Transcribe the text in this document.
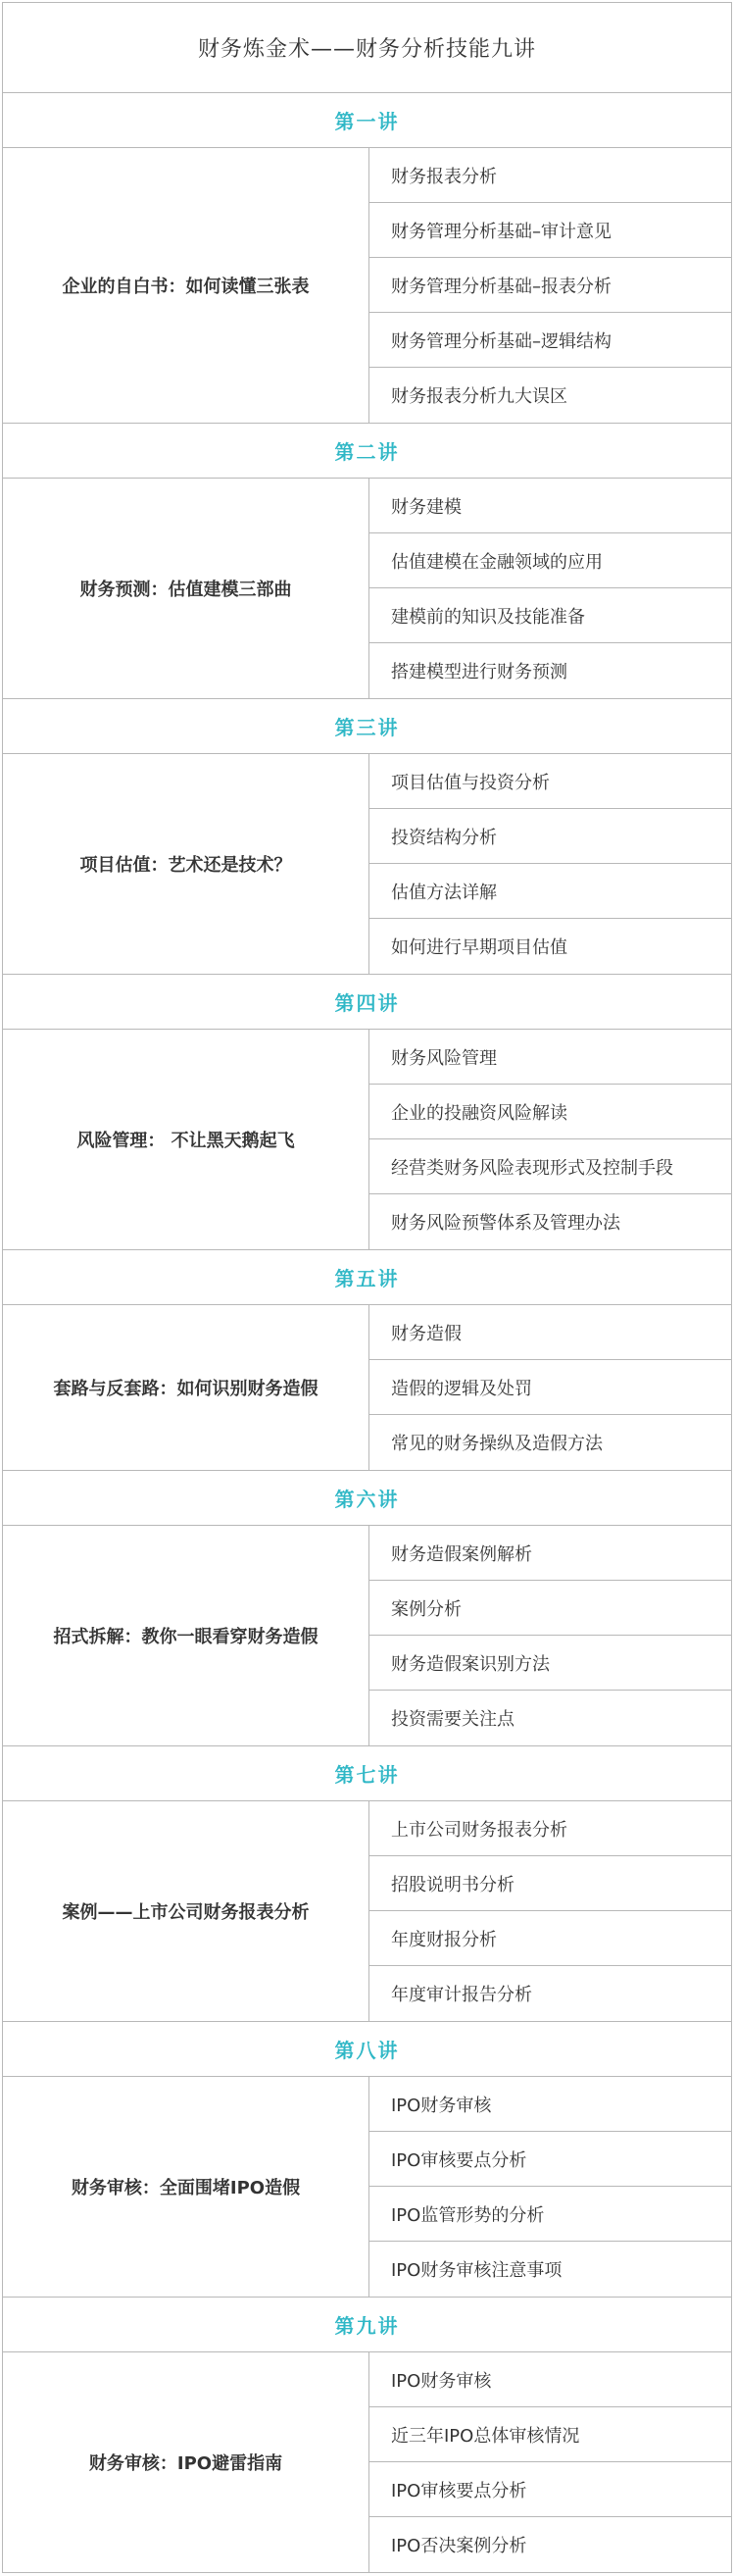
财务炼金术——财务分析技能九讲
第一讲
企业的自白书：如何读懂三张表
财务报表分析
财务管理分析基础–审计意见
财务管理分析基础–报表分析
财务管理分析基础–逻辑结构
财务报表分析九大误区
第二讲
财务预测：估值建模三部曲
财务建模
估值建模在金融领域的应用
建模前的知识及技能准备
搭建模型进行财务预测
第三讲
项目估值：艺术还是技术？
项目估值与投资分析
投资结构分析
估值方法详解
如何进行早期项目估值
第四讲
风险管理： 不让黑天鹅起飞
财务风险管理
企业的投融资风险解读
经营类财务风险表现形式及控制手段
财务风险预警体系及管理办法
第五讲
套路与反套路：如何识别财务造假
财务造假
造假的逻辑及处罚
常见的财务操纵及造假方法
第六讲
招式拆解：教你一眼看穿财务造假
财务造假案例解析
案例分析
财务造假案识别方法
投资需要关注点
第七讲
案例——上市公司财务报表分析
上市公司财务报表分析
招股说明书分析
年度财报分析
年度审计报告分析
第八讲
财务审核：全面围堵IPO造假
IPO财务审核
IPO审核要点分析
IPO监管形势的分析
IPO财务审核注意事项
第九讲
财务审核：IPO避雷指南
IPO财务审核
近三年IPO总体审核情况
IPO审核要点分析
IPO否决案例分析
